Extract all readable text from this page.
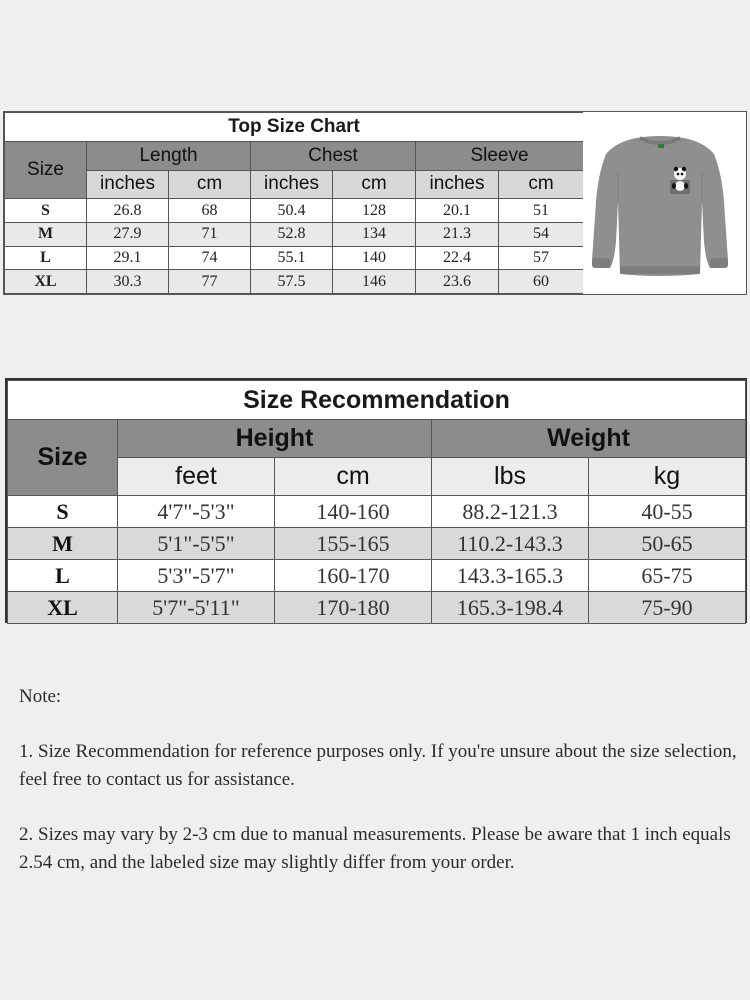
Top Size Chart						
Size	Length		Chest		Sleeve	
	inches	cm	inches	cm	inches	cm
S	26.8	68	50.4	128	20.1	51
M	27.9	71	52.8	134	21.3	54
L	29.1	74	55.1	140	22.4	57
XL	30.3	77	57.5	146	23.6	60
Size Recommendation				
Size	Height		Weight	
	feet	cm	lbs	kg
S	4'7"-5'3"	140-160	88.2-121.3	40-55
M	5'1"-5'5"	155-165	110.2-143.3	50-65
L	5'3"-5'7"	160-170	143.3-165.3	65-75
XL	5'7"-5'11"	170-180	165.3-198.4	75-90

Note:

1. Size Recommendation for reference purposes only. If you're unsure about the size selection, feel free to contact us for assistance.

2. Sizes may vary by 2-3 cm due to manual measurements. Please be aware that 1 inch equals 2.54 cm, and the labeled size may slightly differ from your order.
